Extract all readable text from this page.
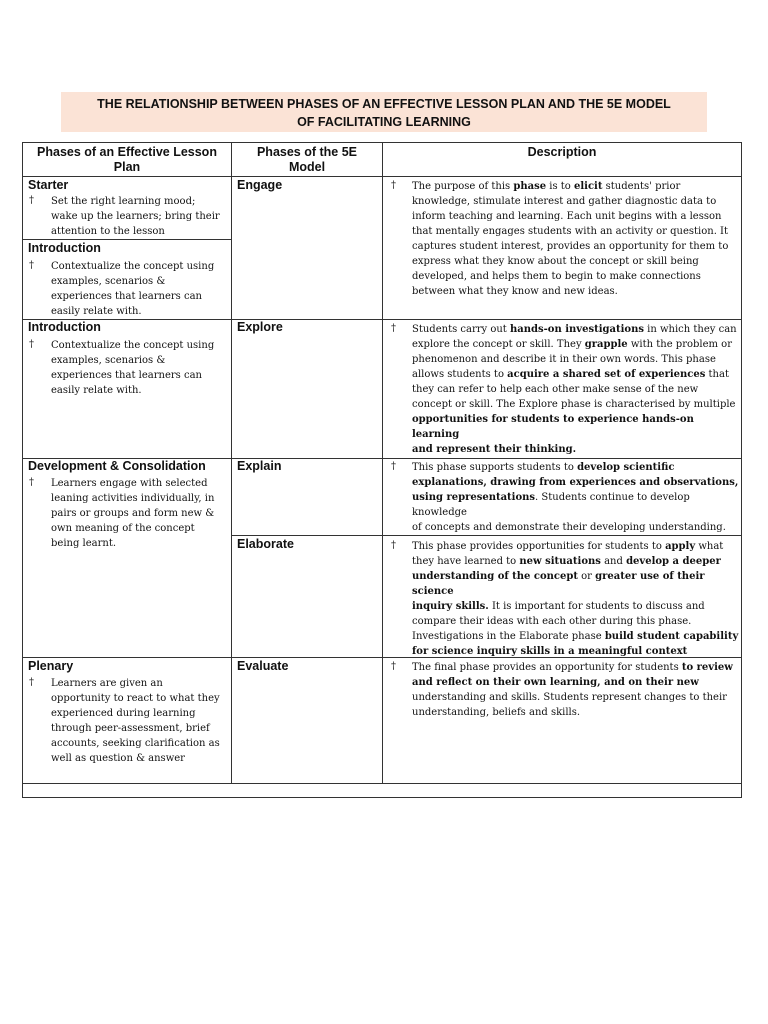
THE RELATIONSHIP BETWEEN PHASES OF AN EFFECTIVE LESSON PLAN AND THE 5E MODEL
OF FACILITATING LEARNING
Phases of an Effective Lesson
Plan
Phases of the 5E
Model
Description
Starter
† Set the right learning mood;
wake up the learners; bring their
attention to the lesson
Introduction
† Contextualize the concept using
examples, scenarios &
experiences that learners can
easily relate with.
Introduction
† Contextualize the concept using
examples, scenarios &
experiences that learners can
easily relate with.
Development & Consolidation
† Learners engage with selected
leaning activities individually, in
pairs or groups and form new &
own meaning of the concept
being learnt.
Plenary
† Learners are given an
opportunity to react to what they
experienced during learning
through peer-assessment, brief
accounts, seeking clarification as
well as question & answer
Engage
Explore
Explain
Elaborate
Evaluate
† The purpose of this phase is to elicit students' prior
knowledge, stimulate interest and gather diagnostic data to
inform teaching and learning. Each unit begins with a lesson
that mentally engages students with an activity or question. It
captures student interest, provides an opportunity for them to
express what they know about the concept or skill being
developed, and helps them to begin to make connections
between what they know and new ideas.
† Students carry out hands-on investigations in which they can
explore the concept or skill. They grapple with the problem or
phenomenon and describe it in their own words. This phase
allows students to acquire a shared set of experiences that
they can refer to help each other make sense of the new
concept or skill. The Explore phase is characterised by multiple
opportunities for students to experience hands-on learning
and represent their thinking.
† This phase supports students to develop scientific
explanations, drawing from experiences and observations,
using representations. Students continue to develop knowledge
of concepts and demonstrate their developing understanding.
† This phase provides opportunities for students to apply what
they have learned to new situations and develop a deeper
understanding of the concept or greater use of their science
inquiry skills. It is important for students to discuss and
compare their ideas with each other during this phase.
Investigations in the Elaborate phase build student capability
for science inquiry skills in a meaningful context
† The final phase provides an opportunity for students to review
and reflect on their own learning, and on their new
understanding and skills. Students represent changes to their
understanding, beliefs and skills.
